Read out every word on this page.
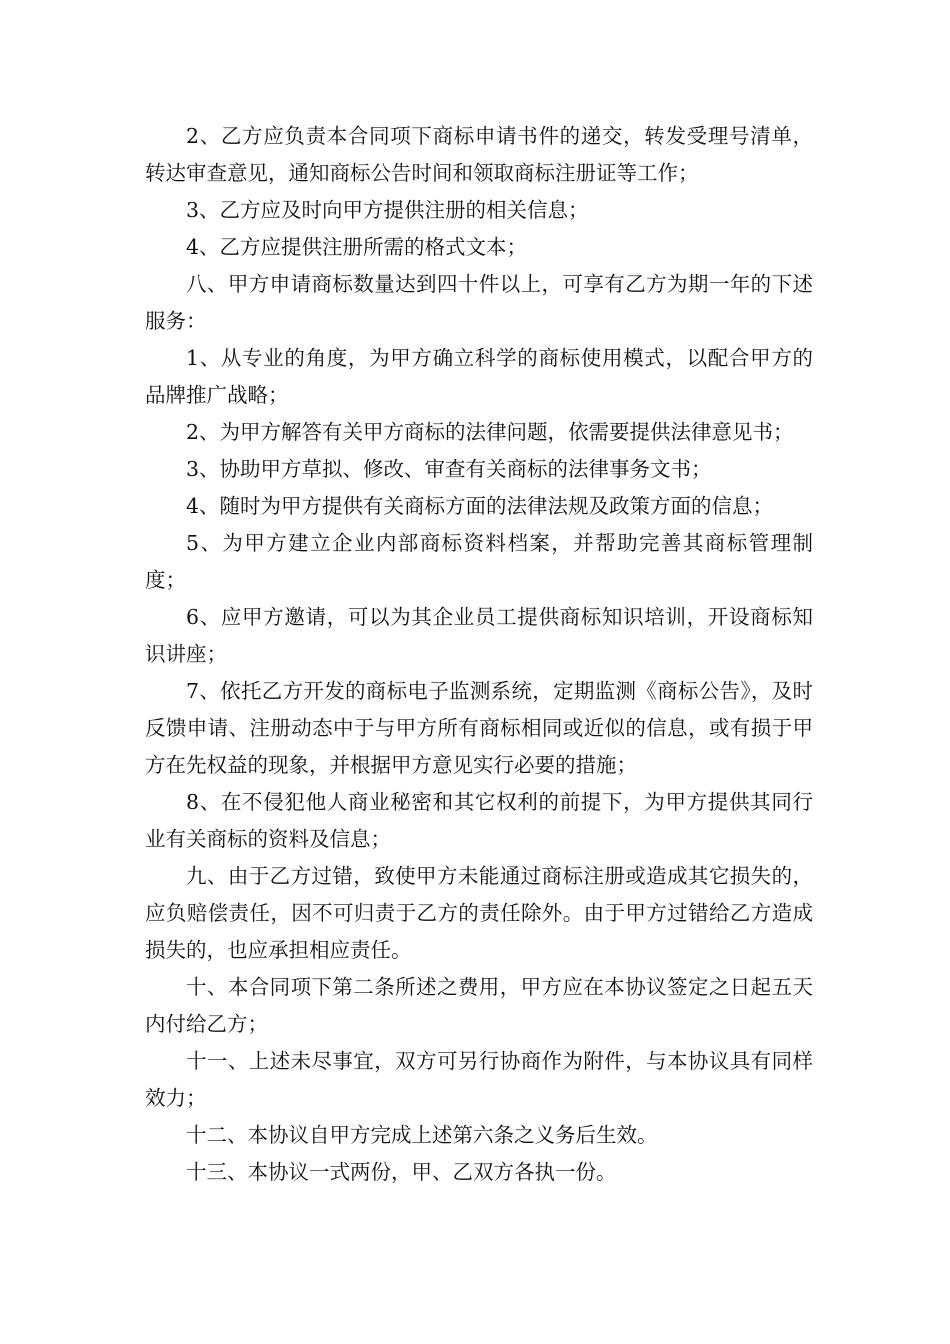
2、乙方应负责本合同项下商标申请书件的递交，转发受理号清单，转达审查意见，通知商标公告时间和领取商标注册证等工作；

3、乙方应及时向甲方提供注册的相关信息；

4、乙方应提供注册所需的格式文本；

八、甲方申请商标数量达到四十件以上，可享有乙方为期一年的下述服务：

1、从专业的角度，为甲方确立科学的商标使用模式，以配合甲方的品牌推广战略；

2、为甲方解答有关甲方商标的法律问题，依需要提供法律意见书；

3、协助甲方草拟、修改、审查有关商标的法律事务文书；

4、随时为甲方提供有关商标方面的法律法规及政策方面的信息；

5、为甲方建立企业内部商标资料档案，并帮助完善其商标管理制度；

6、应甲方邀请，可以为其企业员工提供商标知识培训，开设商标知识讲座；

7、依托乙方开发的商标电子监测系统，定期监测《商标公告》，及时反馈申请、注册动态中于与甲方所有商标相同或近似的信息，或有损于甲方在先权益的现象，并根据甲方意见实行必要的措施；

8、在不侵犯他人商业秘密和其它权利的前提下，为甲方提供其同行业有关商标的资料及信息；

九、由于乙方过错，致使甲方未能通过商标注册或造成其它损失的，应负赔偿责任，因不可归责于乙方的责任除外。由于甲方过错给乙方造成损失的，也应承担相应责任。

十、本合同项下第二条所述之费用，甲方应在本协议签定之日起五天内付给乙方；

十一、上述未尽事宜，双方可另行协商作为附件，与本协议具有同样效力；

十二、本协议自甲方完成上述第六条之义务后生效。

十三、本协议一式两份，甲、乙双方各执一份。
